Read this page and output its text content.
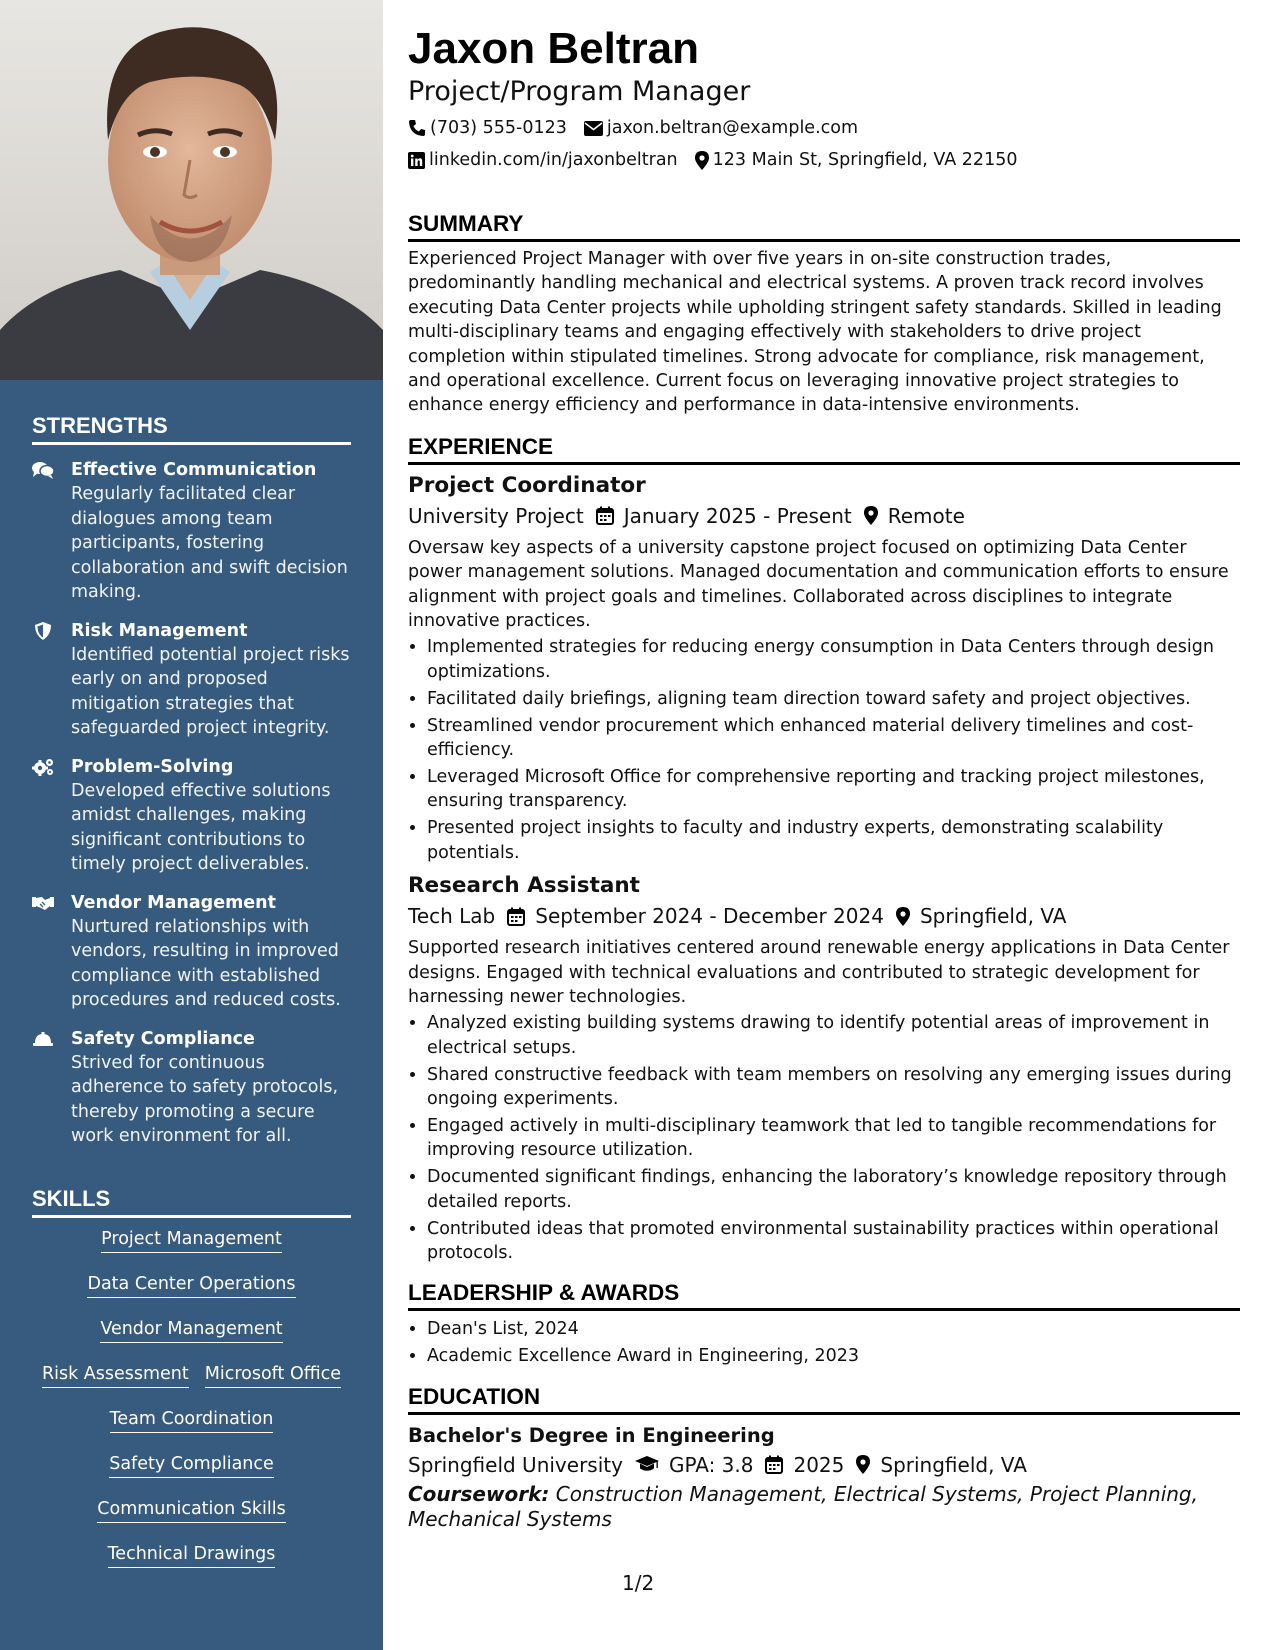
STRENGTHS
Effective Communication
Regularly facilitated clear dialogues among team participants, fostering collaboration and swift decision making.
Risk Management
Identified potential project risks early on and proposed mitigation strategies that safeguarded project integrity.
Problem-Solving
Developed effective solutions amidst challenges, making significant contributions to timely project deliverables.
Vendor Management
Nurtured relationships with vendors, resulting in improved compliance with established procedures and reduced costs.
Safety Compliance
Strived for continuous adherence to safety protocols, thereby promoting a secure work environment for all.
SKILLS
Project Management
Data Center Operations
Vendor Management
Risk Assessment Microsoft Office
Team Coordination
Safety Compliance
Communication Skills
Technical Drawings
Jaxon Beltran
Project/Program Manager
(703) 555-0123 jaxon.beltran@example.com
linkedin.com/in/jaxonbeltran 123 Main St, Springfield, VA 22150
SUMMARY
Experienced Project Manager with over five years in on-site construction trades, predominantly handling mechanical and electrical systems. A proven track record involves executing Data Center projects while upholding stringent safety standards. Skilled in leading multi-disciplinary teams and engaging effectively with stakeholders to drive project completion within stipulated timelines. Strong advocate for compliance, risk management, and operational excellence. Current focus on leveraging innovative project strategies to enhance energy efficiency and performance in data-intensive environments.
EXPERIENCE
Project Coordinator
University Project January 2025 - Present Remote
Oversaw key aspects of a university capstone project focused on optimizing Data Center power management solutions. Managed documentation and communication efforts to ensure alignment with project goals and timelines. Collaborated across disciplines to integrate innovative practices.
• Implemented strategies for reducing energy consumption in Data Centers through design optimizations.
• Facilitated daily briefings, aligning team direction toward safety and project objectives.
• Streamlined vendor procurement which enhanced material delivery timelines and cost-efficiency.
• Leveraged Microsoft Office for comprehensive reporting and tracking project milestones, ensuring transparency.
• Presented project insights to faculty and industry experts, demonstrating scalability potentials.
Research Assistant
Tech Lab September 2024 - December 2024 Springfield, VA
Supported research initiatives centered around renewable energy applications in Data Center designs. Engaged with technical evaluations and contributed to strategic development for harnessing newer technologies.
• Analyzed existing building systems drawing to identify potential areas of improvement in electrical setups.
• Shared constructive feedback with team members on resolving any emerging issues during ongoing experiments.
• Engaged actively in multi-disciplinary teamwork that led to tangible recommendations for improving resource utilization.
• Documented significant findings, enhancing the laboratory’s knowledge repository through detailed reports.
• Contributed ideas that promoted environmental sustainability practices within operational protocols.
LEADERSHIP & AWARDS
• Dean's List, 2024
• Academic Excellence Award in Engineering, 2023
EDUCATION
Bachelor's Degree in Engineering
Springfield University GPA: 3.8 2025 Springfield, VA
Coursework: Construction Management, Electrical Systems, Project Planning, Mechanical Systems
1/2
